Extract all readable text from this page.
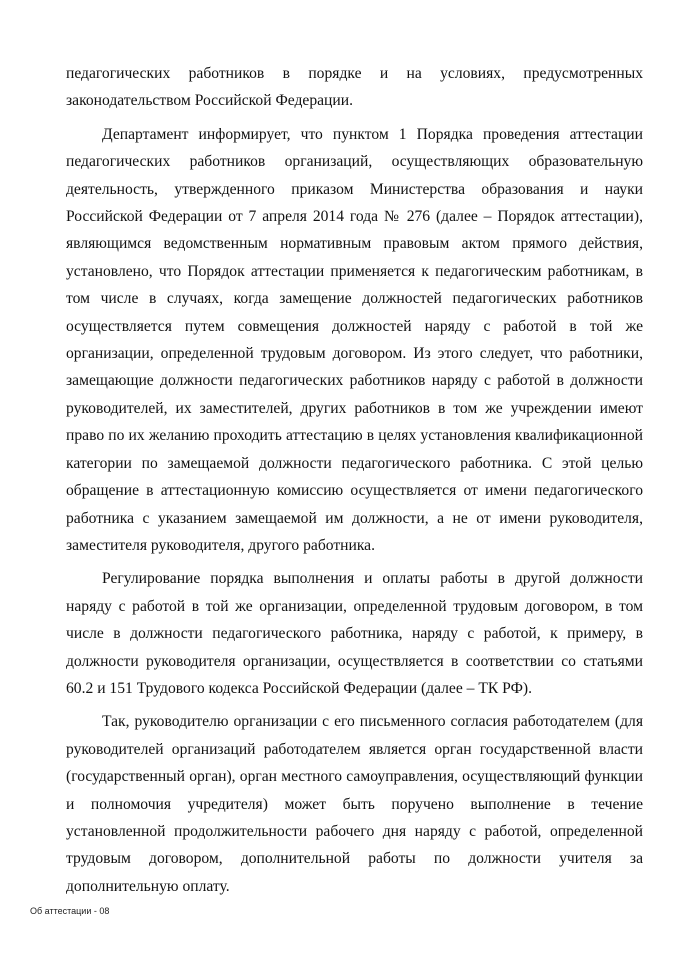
педагогических работников в порядке и на условиях, предусмотренных законодательством Российской Федерации.

Департамент информирует, что пунктом 1 Порядка проведения аттестации педагогических работников организаций, осуществляющих образовательную деятельность, утвержденного приказом Министерства образования и науки Российской Федерации от 7 апреля 2014 года № 276 (далее – Порядок аттестации), являющимся ведомственным нормативным правовым актом прямого действия, установлено, что Порядок аттестации применяется к педагогическим работникам, в том числе в случаях, когда замещение должностей педагогических работников осуществляется путем совмещения должностей наряду с работой в той же организации, определенной трудовым договором. Из этого следует, что работники, замещающие должности педагогических работников наряду с работой в должности руководителей, их заместителей, других работников в том же учреждении имеют право по их желанию проходить аттестацию в целях установления квалификационной категории по замещаемой должности педагогического работника. С этой целью обращение в аттестационную комиссию осуществляется от имени педагогического работника с указанием замещаемой им должности, а не от имени руководителя, заместителя руководителя, другого работника.

Регулирование порядка выполнения и оплаты работы в другой должности наряду с работой в той же организации, определенной трудовым договором, в том числе в должности педагогического работника, наряду с работой, к примеру, в должности руководителя организации, осуществляется в соответствии со статьями 60.2 и 151 Трудового кодекса Российской Федерации (далее – ТК РФ).

Так, руководителю организации с его письменного согласия работодателем (для руководителей организаций работодателем является орган государственной власти (государственный орган), орган местного самоуправления, осуществляющий функции и полномочия учредителя) может быть поручено выполнение в течение установленной продолжительности рабочего дня наряду с работой, определенной трудовым договором, дополнительной работы по должности учителя за дополнительную оплату.

Об аттестации - 08
